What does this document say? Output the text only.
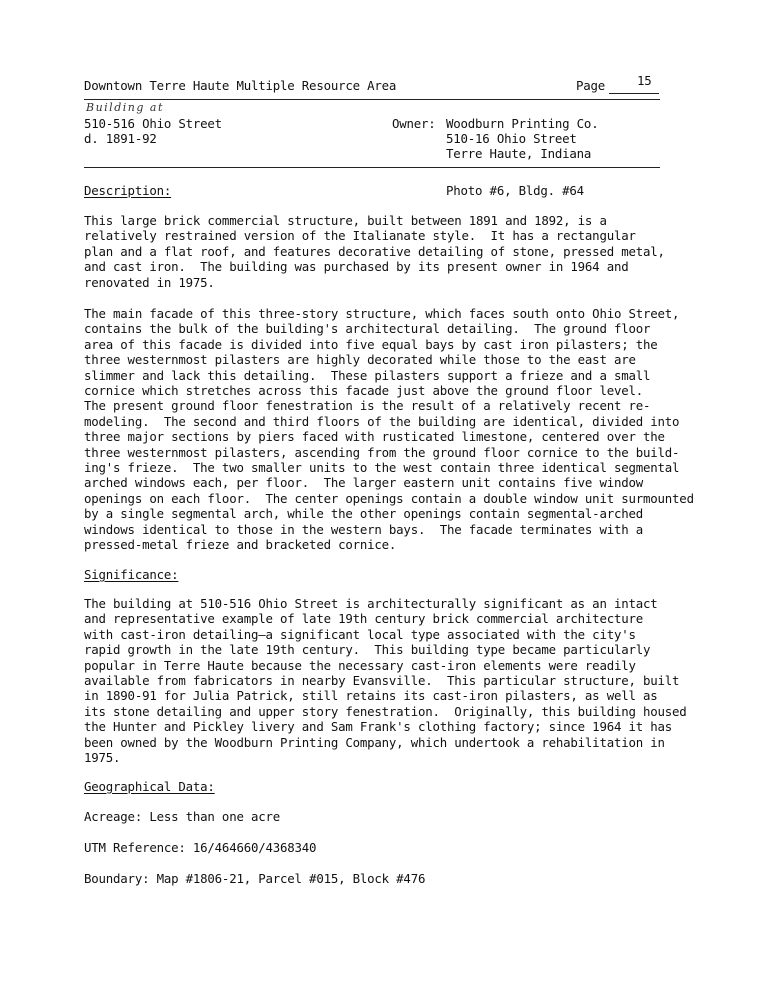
Downtown Terre Haute Multiple Resource Area	Page	15
Building at
510-516 Ohio Street
d. 1891-92
Owner: Woodburn Printing Co.
510-16 Ohio Street
Terre Haute, Indiana
Description:	Photo #6, Bldg. #64
This large brick commercial structure, built between 1891 and 1892, is a
relatively restrained version of the Italianate style.  It has a rectangular
plan and a flat roof, and features decorative detailing of stone, pressed metal,
and cast iron.  The building was purchased by its present owner in 1964 and
renovated in 1975.
The main facade of this three-story structure, which faces south onto Ohio Street,
contains the bulk of the building's architectural detailing.  The ground floor
area of this facade is divided into five equal bays by cast iron pilasters; the
three westernmost pilasters are highly decorated while those to the east are
slimmer and lack this detailing.  These pilasters support a frieze and a small
cornice which stretches across this facade just above the ground floor level.
The present ground floor fenestration is the result of a relatively recent re-
modeling.  The second and third floors of the building are identical, divided into
three major sections by piers faced with rusticated limestone, centered over the
three westernmost pilasters, ascending from the ground floor cornice to the build-
ing's frieze.  The two smaller units to the west contain three identical segmental
arched windows each, per floor.  The larger eastern unit contains five window
openings on each floor.  The center openings contain a double window unit surmounted
by a single segmental arch, while the other openings contain segmental-arched
windows identical to those in the western bays.  The facade terminates with a
pressed-metal frieze and bracketed cornice.
Significance:
The building at 510-516 Ohio Street is architecturally significant as an intact
and representative example of late 19th century brick commercial architecture
with cast-iron detailing—a significant local type associated with the city's
rapid growth in the late 19th century.  This building type became particularly
popular in Terre Haute because the necessary cast-iron elements were readily
available from fabricators in nearby Evansville.  This particular structure, built
in 1890-91 for Julia Patrick, still retains its cast-iron pilasters, as well as
its stone detailing and upper story fenestration.  Originally, this building housed
the Hunter and Pickley livery and Sam Frank's clothing factory; since 1964 it has
been owned by the Woodburn Printing Company, which undertook a rehabilitation in
1975.
Geographical Data:
Acreage: Less than one acre
UTM Reference: 16/464660/4368340
Boundary: Map #1806-21, Parcel #015, Block #476
